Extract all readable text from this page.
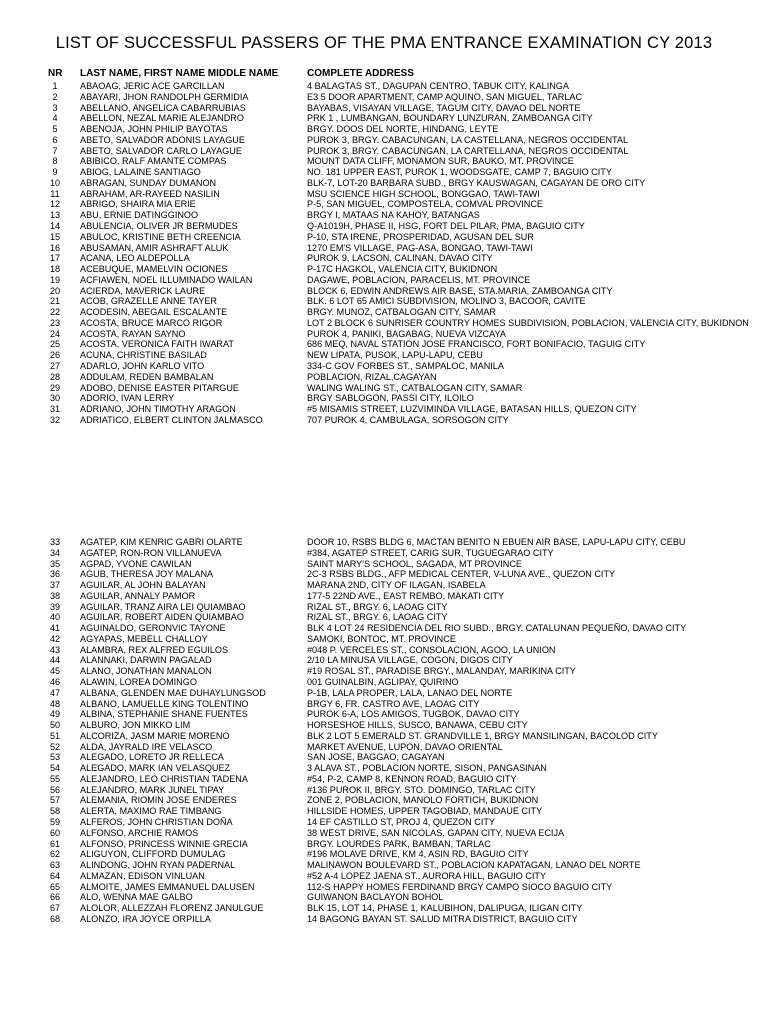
LIST OF SUCCESSFUL PASSERS OF THE PMA ENTRANCE EXAMINATION CY 2013
NR LAST NAME, FIRST NAME MIDDLE NAME	COMPLETE ADDRESS
1	ABAOAG, JERIC ACE GARCILLAN	4 BALAGTAS ST., DAGUPAN CENTRO, TABUK CITY, KALINGA
2	ABAYARI, JHON RANDOLPH GERMIDIA	E3 5 DOOR APARTMENT, CAMP AQUINO, SAN MIGUEL, TARLAC
3	ABELLANO, ANGELICA CABARRUBIAS	BAYABAS, VISAYAN VILLAGE, TAGUM CITY, DAVAO DEL NORTE
4	ABELLON, NEZAL MARIE ALEJANDRO	PRK 1 , LUMBANGAN, BOUNDARY LUNZURAN, ZAMBOANGA CITY
5	ABENOJA, JOHN PHILIP BAYOTAS	BRGY. DOOS DEL NORTE, HINDANG, LEYTE
6	ABETO, SALVADOR ADONIS LAYAGUE	PUROK 3, BRGY. CABACUNGAN, LA CASTELLANA, NEGROS OCCIDENTAL
7	ABETO, SALVADOR CARLO LAYAGUE	PUROK 3, BRGY. CABACUNGAN, LA CARTELLANA, NEGROS OCCIDENTAL
8	ABIBICO, RALF AMANTE COMPAS	MOUNT DATA CLIFF, MONAMON SUR, BAUKO, MT. PROVINCE
9	ABIOG, LALAINE SANTIAGO	NO. 181 UPPER EAST, PUROK 1, WOODSGATE, CAMP 7, BAGUIO CITY
10	ABRAGAN, SUNDAY DUMANON	BLK-7, LOT-20 BARBARA SUBD., BRGY KAUSWAGAN, CAGAYAN DE ORO CITY
11	ABRAHAM, AR-RAYEED NASILIN	MSU SCIENCE HIGH SCHOOL, BONGGAO, TAWI-TAWI
12	ABRIGO, SHAIRA MIA ERIE	P-5, SAN MIGUEL, COMPOSTELA, COMVAL PROVINCE
13	ABU, ERNIE DATINGGINOO	BRGY I, MATAAS NA KAHOY, BATANGAS
14	ABULENCIA, OLIVER JR BERMUDES	Q-A1019H, PHASE II, HSG, FORT DEL PILAR, PMA, BAGUIO CITY
15	ABULOC, KRISTINE BETH CREENCIA	P-10, STA IRENE, PROSPERIDAD, AGUSAN DEL SUR
16	ABUSAMAN, AMIR ASHRAFT ALUK	1270 EM'S VILLAGE, PAG-ASA, BONGAO, TAWI-TAWI
17	ACANA, LEO ALDEPOLLA	PUROK 9, LACSON, CALINAN, DAVAO CITY
18	ACEBUQUE, MAMELVIN OCIONES	P-17C HAGKOL, VALENCIA CITY, BUKIDNON
19	ACFIAWEN, NOEL ILLUMINADO WAILAN	DAGAWE, POBLACION, PARACELIS, MT. PROVINCE
20	ACIERDA, MAVERICK LAURE	BLOCK 6, EDWIN ANDREWS AIR BASE, STA.MARIA, ZAMBOANGA CITY
21	ACOB, GRAZELLE ANNE TAYER	BLK. 6 LOT 65 AMICI SUBDIVISION, MOLINO 3, BACOOR, CAVITE
22	ACODESIN, ABEGAIL ESCALANTE	BRGY. MUNOZ, CATBALOGAN CITY, SAMAR
23	ACOSTA, BRUCE MARCO RIGOR	LOT 2 BLOCK 6 SUNRISER COUNTRY HOMES SUBDIVISION, POBLACION, VALENCIA CITY, BUKIDNON
24	ACOSTA, RAYAN SAYNO	PUROK 4, PANIKI, BAGABAG, NUEVA VIZCAYA
25	ACOSTA, VERONICA FAITH IWARAT	686 MEQ, NAVAL STATION JOSE FRANCISCO, FORT BONIFACIO, TAGUIG CITY
26	ACUNA, CHRISTINE BASILAD	NEW LIPATA, PUSOK, LAPU-LAPU, CEBU
27	ADARLO, JOHN KARLO VITO	334-C GOV FORBES ST., SAMPALOC, MANILA
28	ADDULAM, REDEN BAMBALAN	POBLACION, RIZAL,CAGAYAN
29	ADOBO, DENISE EASTER PITARGUE	WALING WALING ST., CATBALOGAN CITY, SAMAR
30	ADORIO, IVAN LERRY	BRGY SABLOGON, PASSI CITY, ILOILO
31	ADRIANO, JOHN TIMOTHY ARAGON	#5 MISAMIS STREET, LUZVIMINDA VILLAGE, BATASAN HILLS, QUEZON CITY
32	ADRIATICO, ELBERT CLINTON JALMASCO	707 PUROK 4, CAMBULAGA, SORSOGON CITY
33	AGATEP, KIM KENRIC GABRI OLARTE	DOOR 10, RSBS BLDG 6, MACTAN BENITO N EBUEN AIR BASE, LAPU-LAPU CITY, CEBU
34	AGATEP, RON-RON VILLANUEVA	#384, AGATEP STREET, CARIG SUR, TUGUEGARAO CITY
35	AGPAD, YVONE CAWILAN	SAINT MARY'S SCHOOL, SAGADA, MT PROVINCE
36	AGUB, THERESA JOY MALANA	2C-3 RSBS BLDG., AFP MEDICAL CENTER, V-LUNA AVE., QUEZON CITY
37	AGUILAR, AL JOHN BALAYAN	MARANA 2ND, CITY OF ILAGAN, ISABELA
38	AGUILAR, ANNALY PAMOR	177-5 22ND AVE., EAST REMBO, MAKATI CITY
39	AGUILAR, TRANZ AIRA LEI QUIAMBAO	RIZAL ST., BRGY. 6, LAOAG CITY
40	AGUILAR, ROBERT AIDEN QUIAMBAO	RIZAL ST., BRGY. 6, LAOAG CITY
41	AGUINALDO, GERONVIC TAYONE	BLK 4 LOT 24 RESIDENCIA DEL RIO SUBD., BRGY. CATALUNAN PEQUEÑO, DAVAO CITY
42	AGYAPAS, MEBELL CHALLOY	SAMOKI, BONTOC, MT. PROVINCE
43	ALAMBRA, REX ALFRED EGUILOS	#048 P. VERCELES ST., CONSOLACION, AGOO, LA UNION
44	ALANNAKI, DARWIN PAGALAD	2/10 LA MINUSA VILLAGE, COGON, DIGOS CITY
45	ALANO, JONATHAN MANALON	#19 ROSAL ST., PARADISE BRGY., MALANDAY, MARIKINA CITY
46	ALAWIN, LOREA DOMINGO	001 GUINALBIN, AGLIPAY, QUIRINO
47	ALBANA, GLENDEN MAE DUHAYLUNGSOD	P-1B, LALA PROPER, LALA, LANAO DEL NORTE
48	ALBANO, LAMUELLE KING TOLENTINO	BRGY 6, FR. CASTRO AVE, LAOAG CITY
49	ALBINA, STEPHANIE SHANE FUENTES	PUROK 6-A, LOS AMIGOS, TUGBOK, DAVAO CITY
50	ALBURO, JON MIKKO LIM	HORSESHOE HILLS, SUSCO, BANAWA, CEBU CITY
51	ALCORIZA, JASM MARIE MORENO	BLK 2 LOT 5 EMERALD ST. GRANDVILLE 1, BRGY MANSILINGAN, BACOLOD CITY
52	ALDA, JAYRALD IRE VELASCO	MARKET AVENUE, LUPON, DAVAO ORIENTAL
53	ALEGADO, LORETO JR RELLECA	SAN JOSE, BAGGAO, CAGAYAN
54	ALEGADO, MARK IAN VELASQUEZ	3 ALAVA ST., POBLACION NORTE, SISON, PANGASINAN
55	ALEJANDRO, LEO CHRISTIAN TADENA	#54, P-2, CAMP 8, KENNON ROAD, BAGUIO CITY
56	ALEJANDRO, MARK JUNEL TIPAY	#136 PUROK II, BRGY. STO. DOMINGO, TARLAC CITY
57	ALEMANIA, RIOMIN JOSE ENDERES	ZONE 2, POBLACION, MANOLO FORTICH, BUKIDNON
58	ALERTA, MAXIMO RAE TIMBANG	HILLSIDE HOMES, UPPER TAGOBIAD, MANDAUE CITY
59	ALFEROS, JOHN CHRISTIAN DOÑA	14 EF CASTILLO ST, PROJ 4, QUEZON CITY
60	ALFONSO, ARCHIE RAMOS	38 WEST DRIVE, SAN NICOLAS, GAPAN CITY, NUEVA ECIJA
61	ALFONSO, PRINCESS WINNIE GRECIA	BRGY. LOURDES PARK, BAMBAN, TARLAC
62	ALIGUYON, CLIFFORD DUMULAG	#196 MOLAVE DRIVE, KM 4, ASIN RD, BAGUIO CITY
63	ALINDONG, JOHN RYAN PADERNAL	MALINAWON BOULEVARD ST., POBLACION KAPATAGAN, LANAO DEL NORTE
64	ALMAZAN, EDISON VINLUAN	#52 A-4 LOPEZ JAENA ST., AURORA HILL, BAGUIO CITY
65	ALMOITE, JAMES EMMANUEL DALUSEN	112-S HAPPY HOMES FERDINAND BRGY CAMPO SIOCO BAGUIO CITY
66	ALO, WENNA MAE GALBO	GUIWANON BACLAYON BOHOL
67	ALOLOR, ALLEZZAH FLORENZ JANULGUE	BLK 15, LOT 14, PHASE 1, KALUBIHON, DALIPUGA, ILIGAN CITY
68	ALONZO, IRA JOYCE ORPILLA	14 BAGONG BAYAN ST. SALUD MITRA DISTRICT, BAGUIO CITY
